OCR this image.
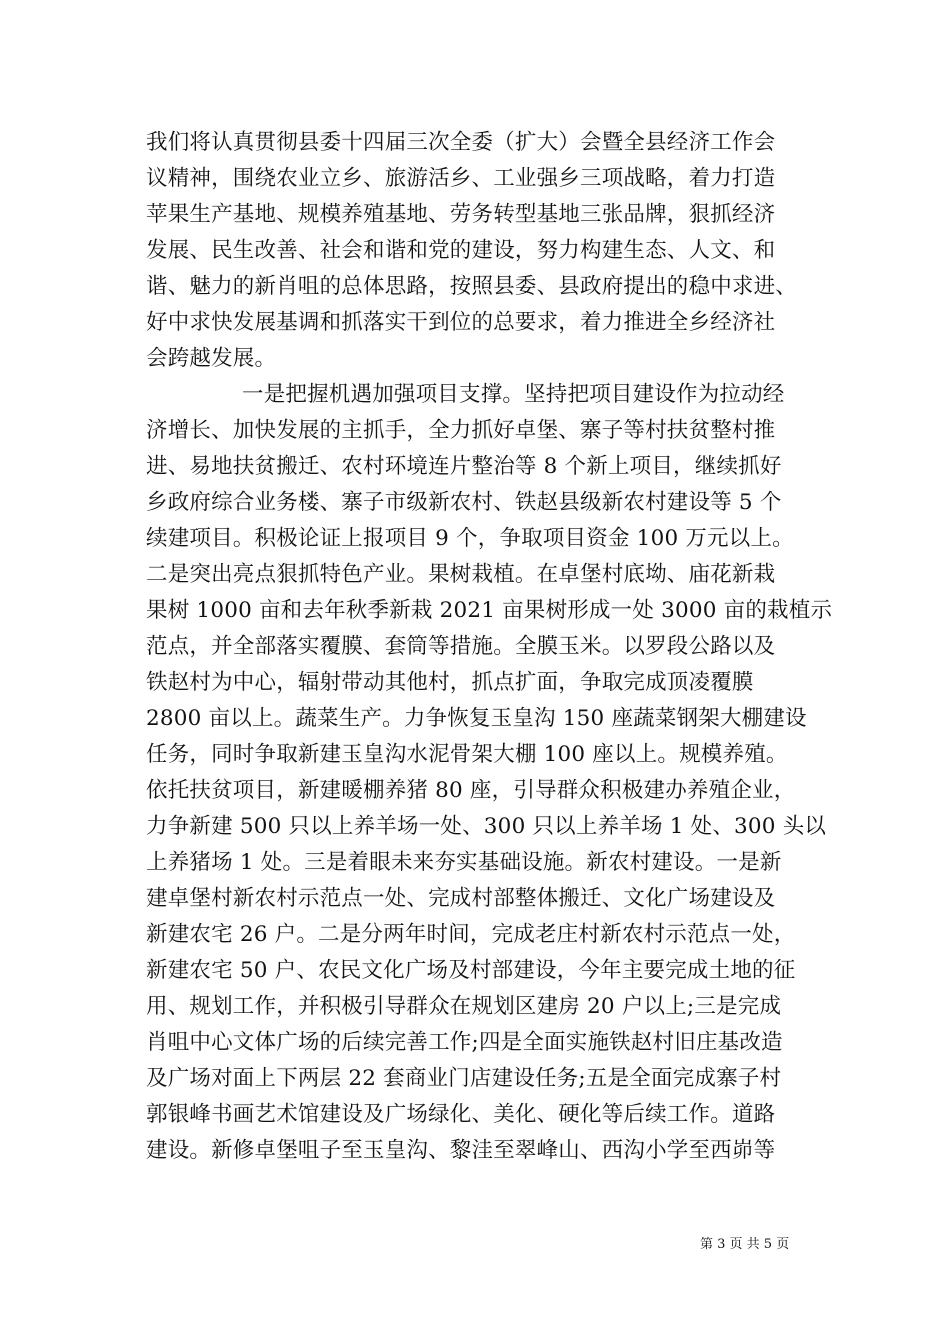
我们将认真贯彻县委十四届三次全委（扩大）会暨全县经济工作会
议精神，围绕农业立乡、旅游活乡、工业强乡三项战略，着力打造
苹果生产基地、规模养殖基地、劳务转型基地三张品牌，狠抓经济
发展、民生改善、社会和谐和党的建设，努力构建生态、人文、和
谐、魅力的新肖咀的总体思路，按照县委、县政府提出的稳中求进、
好中求快发展基调和抓落实干到位的总要求，着力推进全乡经济社
会跨越发展。
一是把握机遇加强项目支撑。坚持把项目建设作为拉动经
济增长、加快发展的主抓手，全力抓好卓堡、寨子等村扶贫整村推
进、易地扶贫搬迁、农村环境连片整治等 8 个新上项目，继续抓好
乡政府综合业务楼、寨子市级新农村、铁赵县级新农村建设等 5 个
续建项目。积极论证上报项目 9 个，争取项目资金 100 万元以上。
二是突出亮点狠抓特色产业。果树栽植。在卓堡村底坳、庙花新栽
果树 1000 亩和去年秋季新栽 2021 亩果树形成一处 3000 亩的栽植示
范点，并全部落实覆膜、套筒等措施。全膜玉米。以罗段公路以及
铁赵村为中心，辐射带动其他村，抓点扩面，争取完成顶凌覆膜
2800 亩以上。蔬菜生产。力争恢复玉皇沟 150 座蔬菜钢架大棚建设
任务，同时争取新建玉皇沟水泥骨架大棚 100 座以上。规模养殖。
依托扶贫项目，新建暖棚养猪 80 座，引导群众积极建办养殖企业，
力争新建 500 只以上养羊场一处、300 只以上养羊场 1 处、300 头以
上养猪场 1 处。三是着眼未来夯实基础设施。新农村建设。一是新
建卓堡村新农村示范点一处、完成村部整体搬迁、文化广场建设及
新建农宅 26 户。二是分两年时间，完成老庄村新农村示范点一处，
新建农宅 50 户、农民文化广场及村部建设，今年主要完成土地的征
用、规划工作，并积极引导群众在规划区建房 20 户以上;三是完成
肖咀中心文体广场的后续完善工作;四是全面实施铁赵村旧庄基改造
及广场对面上下两层 22 套商业门店建设任务;五是全面完成寨子村
郭银峰书画艺术馆建设及广场绿化、美化、硬化等后续工作。道路
建设。新修卓堡咀子至玉皇沟、黎洼至翠峰山、西沟小学至西峁等
第 3 页 共 5 页
